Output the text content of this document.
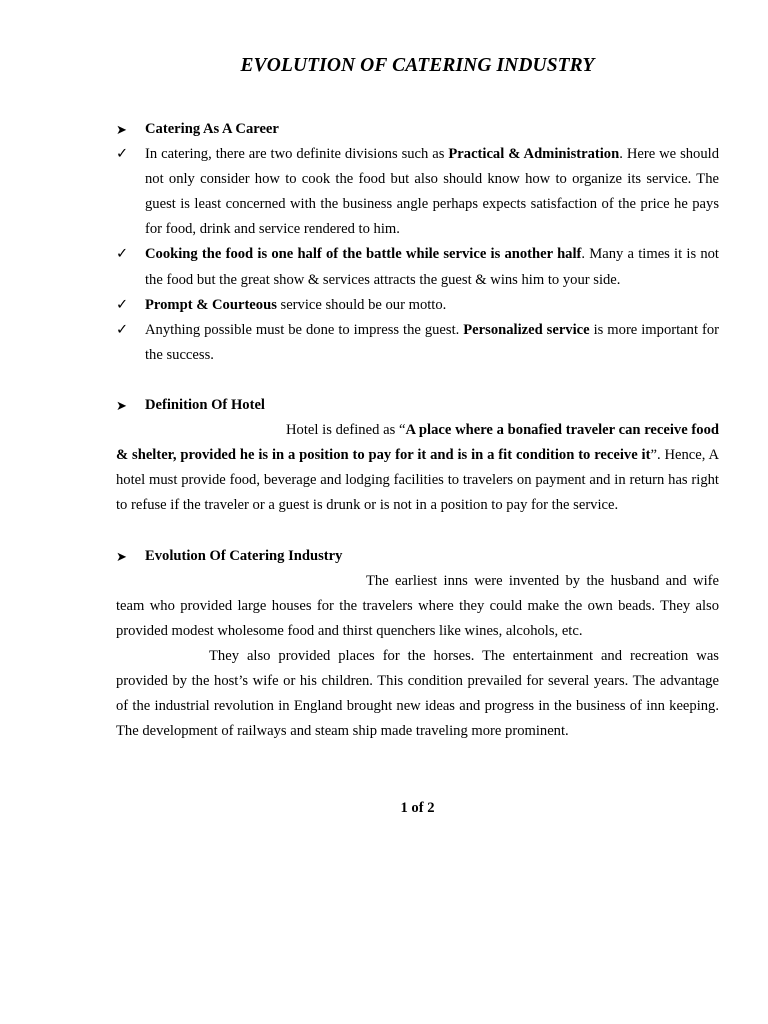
EVOLUTION OF CATERING INDUSTRY
➤	Catering As A Career
✓	In catering, there are two definite divisions such as Practical & Administration. Here we should not only consider how to cook the food but also should know how to organize its service. The guest is least concerned with the business angle perhaps expects satisfaction of the price he pays for food, drink and service rendered to him.
✓	Cooking the food is one half of the battle while service is another half. Many a times it is not the food but the great show & services attracts the guest & wins him to your side.
✓	Prompt & Courteous service should be our motto.
✓	Anything possible must be done to impress the guest. Personalized service is more important for the success.
➤	Definition Of Hotel
Hotel is defined as “A place where a bonafied traveler can receive food & shelter, provided he is in a position to pay for it and is in a fit condition to receive it”. Hence, A hotel must provide food, beverage and lodging facilities to travelers on payment and in return has right to refuse if the traveler or a guest is drunk or is not in a position to pay for the service.
➤	Evolution Of Catering Industry
The earliest inns were invented by the husband and wife team who provided large houses for the travelers where they could make the own beads. They also provided modest wholesome food and thirst quenchers like wines, alcohols, etc.
They also provided places for the horses. The entertainment and recreation was provided by the host’s wife or his children. This condition prevailed for several years. The advantage of the industrial revolution in England brought new ideas and progress in the business of inn keeping. The development of railways and steam ship made traveling more prominent.
1 of 2
